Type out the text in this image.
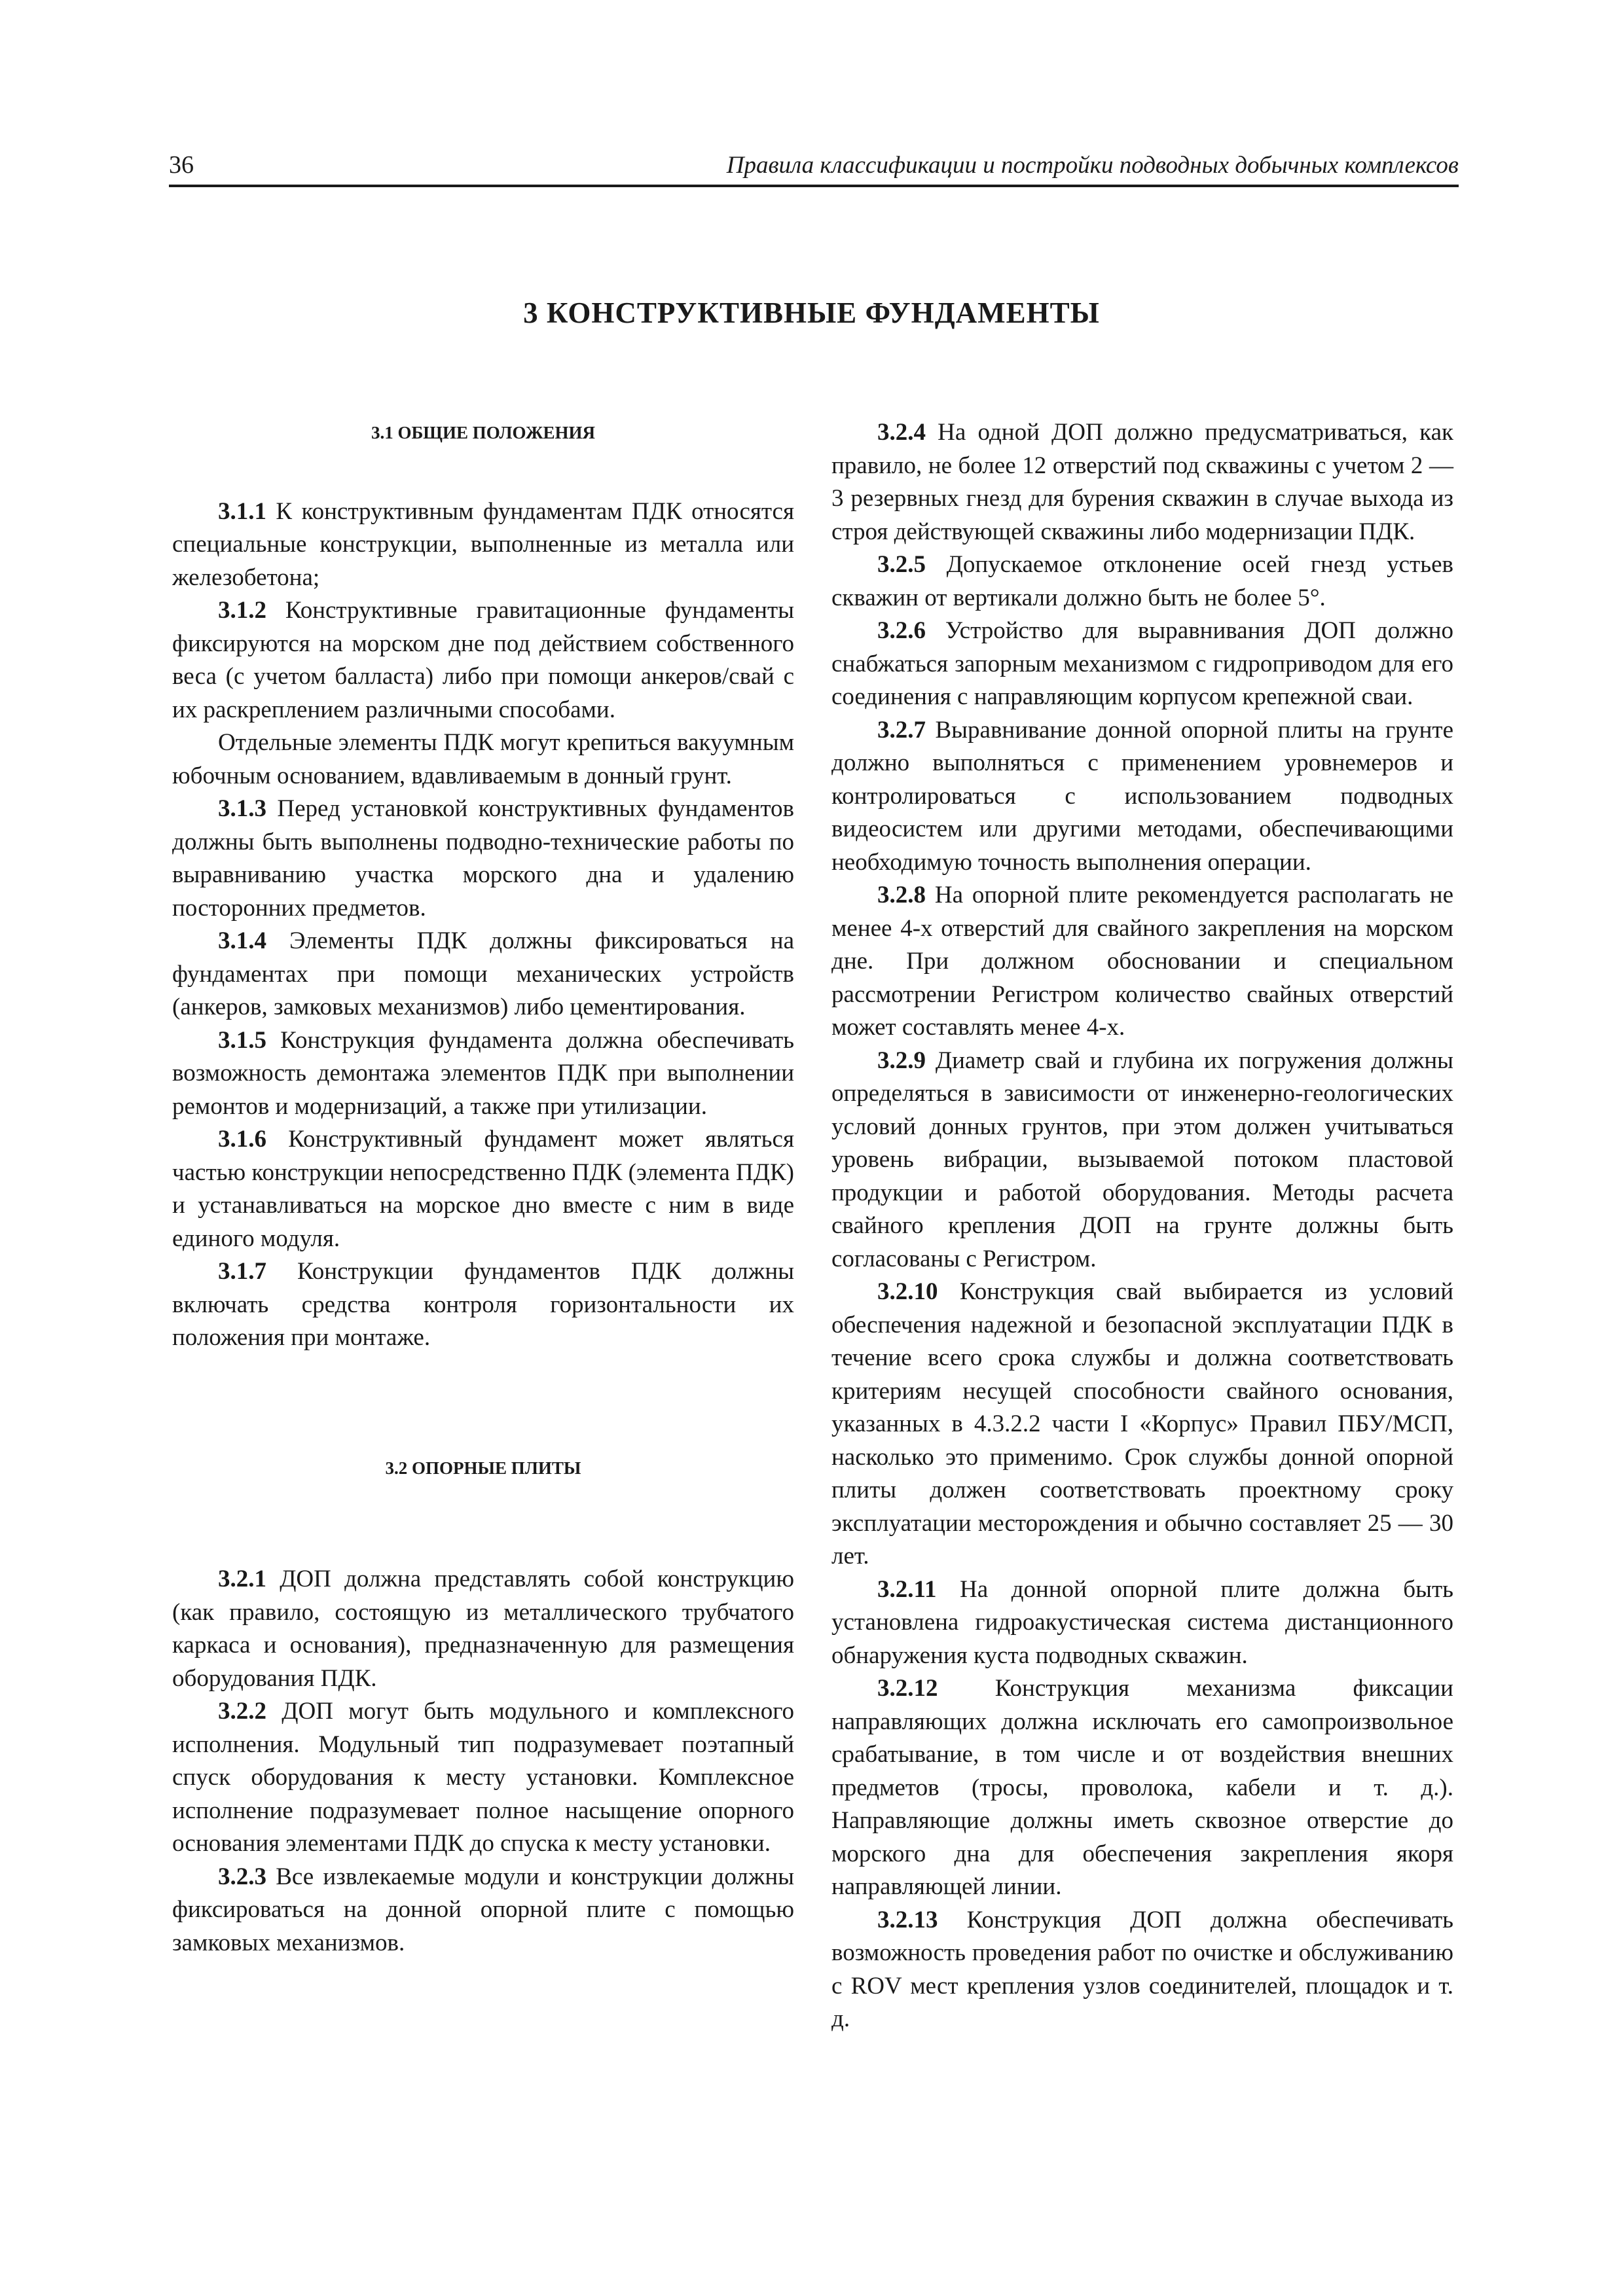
36	Правила классификации и постройки подводных добычных комплексов
3 КОНСТРУКТИВНЫЕ ФУНДАМЕНТЫ

3.1 ОБЩИЕ ПОЛОЖЕНИЯ

3.1.1 К конструктивным фундаментам ПДК относятся специальные конструкции, выполненные из металла или железобетона;

3.1.2 Конструктивные гравитационные фундаменты фиксируются на морском дне под действием собственного веса (с учетом балласта) либо при помощи анкеров/свай с их раскреплением различными способами.

Отдельные элементы ПДК могут крепиться вакуумным юбочным основанием, вдавливаемым в донный грунт.

3.1.3 Перед установкой конструктивных фундаментов должны быть выполнены подводно-технические работы по выравниванию участка морского дна и удалению посторонних предметов.

3.1.4 Элементы ПДК должны фиксироваться на фундаментах при помощи механических устройств (анкеров, замковых механизмов) либо цементирования.

3.1.5 Конструкция фундамента должна обеспечивать возможность демонтажа элементов ПДК при выполнении ремонтов и модернизаций, а также при утилизации.

3.1.6 Конструктивный фундамент может являться частью конструкции непосредственно ПДК (элемента ПДК) и устанавливаться на морское дно вместе с ним в виде единого модуля.

3.1.7 Конструкции фундаментов ПДК должны включать средства контроля горизонтальности их положения при монтаже.

3.2 ОПОРНЫЕ ПЛИТЫ

3.2.1 ДОП должна представлять собой конструкцию (как правило, состоящую из металлического трубчатого каркаса и основания), предназначенную для размещения оборудования ПДК.

3.2.2 ДОП могут быть модульного и комплексного исполнения. Модульный тип подразумевает поэтапный спуск оборудования к месту установки. Комплексное исполнение подразумевает полное насыщение опорного основания элементами ПДК до спуска к месту установки.

3.2.3 Все извлекаемые модули и конструкции должны фиксироваться на донной опорной плите с помощью замковых механизмов.

3.2.4 На одной ДОП должно предусматриваться, как правило, не более 12 отверстий под скважины с учетом 2 — 3 резервных гнезд для бурения скважин в случае выхода из строя действующей скважины либо модернизации ПДК.

3.2.5 Допускаемое отклонение осей гнезд устьев скважин от вертикали должно быть не более 5°.

3.2.6 Устройство для выравнивания ДОП должно снабжаться запорным механизмом с гидроприводом для его соединения с направляющим корпусом крепежной сваи.

3.2.7 Выравнивание донной опорной плиты на грунте должно выполняться с применением уровнемеров и контролироваться с использованием подводных видеосистем или другими методами, обеспечивающими необходимую точность выполнения операции.

3.2.8 На опорной плите рекомендуется располагать не менее 4-х отверстий для свайного закрепления на морском дне. При должном обосновании и специальном рассмотрении Регистром количество свайных отверстий может составлять менее 4-х.

3.2.9 Диаметр свай и глубина их погружения должны определяться в зависимости от инженерно-геологических условий донных грунтов, при этом должен учитываться уровень вибрации, вызываемой потоком пластовой продукции и работой оборудования. Методы расчета свайного крепления ДОП на грунте должны быть согласованы с Регистром.

3.2.10 Конструкция свай выбирается из условий обеспечения надежной и безопасной эксплуатации ПДК в течение всего срока службы и должна соответствовать критериям несущей способности свайного основания, указанных в 4.3.2.2 части I «Корпус» Правил ПБУ/МСП, насколько это применимо. Срок службы донной опорной плиты должен соответствовать проектному сроку эксплуатации месторождения и обычно составляет 25 — 30 лет.

3.2.11 На донной опорной плите должна быть установлена гидроакустическая система дистанционного обнаружения куста подводных скважин.

3.2.12 Конструкция механизма фиксации направляющих должна исключать его самопроизвольное срабатывание, в том числе и от воздействия внешних предметов (тросы, проволока, кабели и т. д.). Направляющие должны иметь сквозное отверстие до морского дна для обеспечения закрепления якоря направляющей линии.

3.2.13 Конструкция ДОП должна обеспечивать возможность проведения работ по очистке и обслуживанию с ROV мест крепления узлов соединителей, площадок и т. д.
